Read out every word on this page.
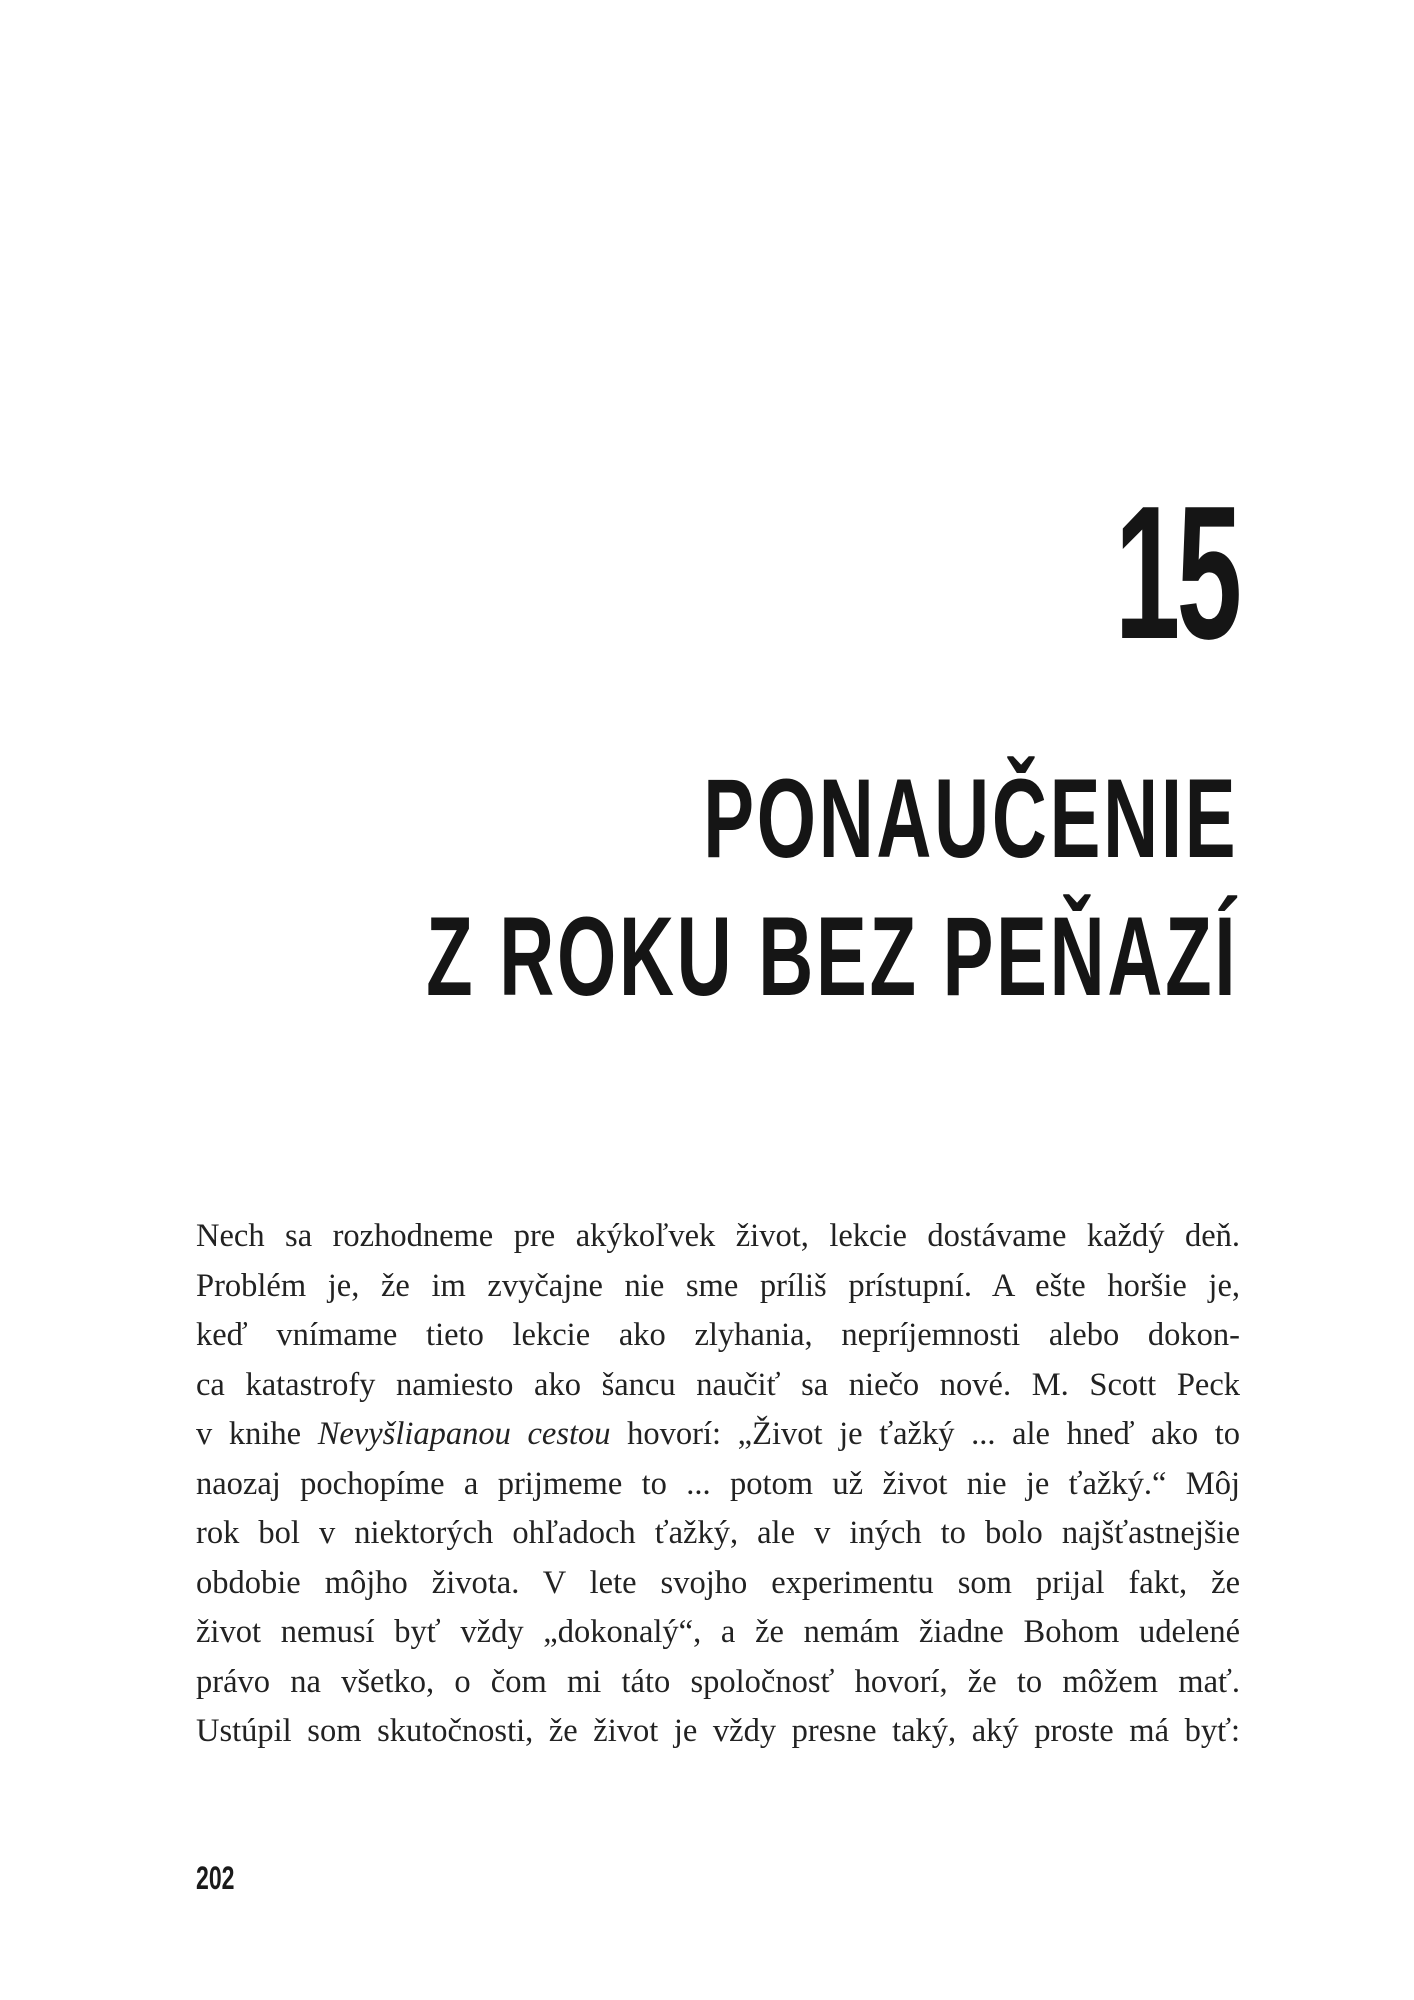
15
PONAUČENIE
Z ROKU BEZ PEŇAZÍ
Nech sa rozhodneme pre akýkoľvek život, lekcie dostávame každý deň.
Problém je, že im zvyčajne nie sme príliš prístupní. A ešte horšie je,
keď vnímame tieto lekcie ako zlyhania, nepríjemnosti alebo dokon-
ca katastrofy namiesto ako šancu naučiť sa niečo nové. M. Scott Peck
v knihe Nevyšliapanou cestou hovorí: „Život je ťažký ... ale hneď ako to
naozaj pochopíme a prijmeme to ... potom už život nie je ťažký.“ Môj
rok bol v niektorých ohľadoch ťažký, ale v iných to bolo najšťastnejšie
obdobie môjho života. V lete svojho experimentu som prijal fakt, že
život nemusí byť vždy „dokonalý“, a že nemám žiadne Bohom udelené
právo na všetko, o čom mi táto spoločnosť hovorí, že to môžem mať.
Ustúpil som skutočnosti, že život je vždy presne taký, aký proste má byť:
202
